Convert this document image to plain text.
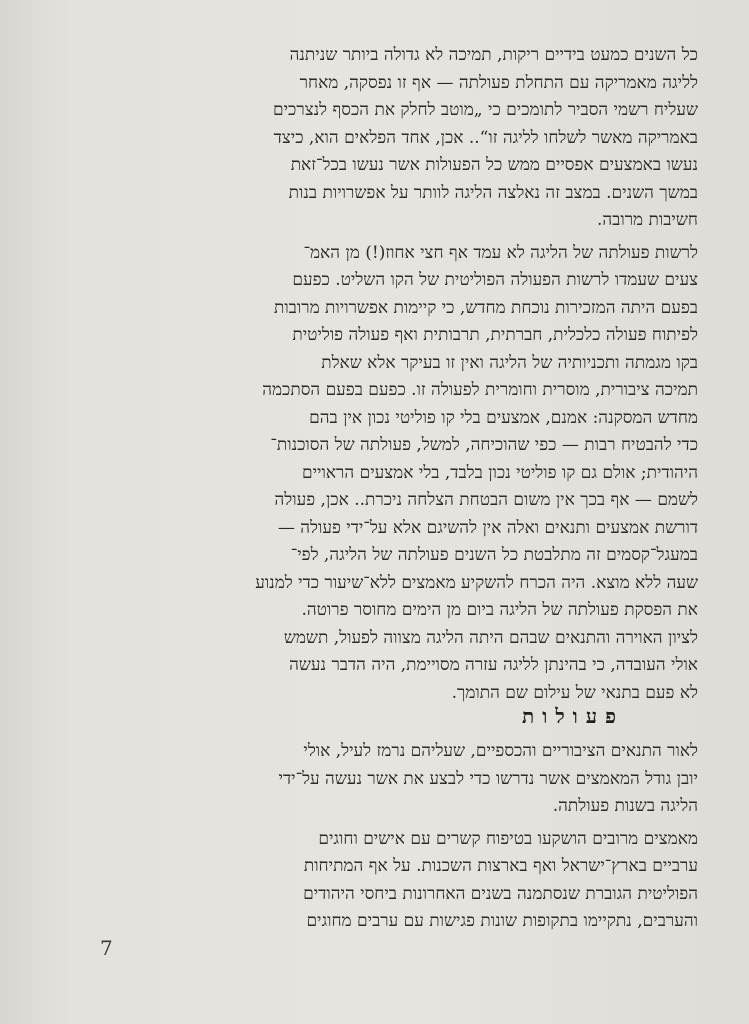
כל השנים כמעט בידיים ריקות, תמיכה לא גדולה ביותר שניתנה
לליגה מאמריקה עם התחלת פעולתה — אף זו נפסקה, מאחר
שעליח רשמי הסביר לתומכים כי „מוטב לחלק את הכסף לנצרכים
באמריקה מאשר לשלחו לליגה זו“.. אכן, אחד הפלאים הוא, כיצד
נעשו באמצעים אפסיים ממש כל הפעולות אשר נעשו בכל־זאת
במשך השנים. במצב זה נאלצה הליגה לוותר על אפשרויות בנות
חשיבות מרובה.
לרשות פעולתה של הליגה לא עמד אף חצי אחוז(!) מן האמ־
צעים שעמדו לרשות הפעולה הפוליטית של הקו השליט. כפעם
בפעם היתה המזכירות נוכחת מחדש, כי קיימות אפשרויות מרובות
לפיתוח פעולה כלכלית, חברתית, תרבותית ואף פעולה פוליטית
בקו מגמתה ותכניותיה של הליגה ואין זו בעיקר אלא שאלת
תמיכה ציבורית, מוסרית וחומרית לפעולה זו. כפעם בפעם הסתכמה
מחדש המסקנה: אמנם, אמצעים בלי קו פוליטי נכון אין בהם
כדי להבטיח רבות — כפי שהוכיחה, למשל, פעולתה של הסוכנות־
היהודית; אולם גם קו פוליטי נכון בלבד, בלי אמצעים הראויים
לשמם — אף בכך אין משום הבטחת הצלחה ניכרת.. אכן, פעולה
דורשת אמצעים ותנאים ואלה אין להשיגם אלא על־ידי פעולה —
במעגל־קסמים זה מתלבטת כל השנים פעולתה של הליגה, לפי־
שעה ללא מוצא. היה הכרח להשקיע מאמצים ללא־שיעור כדי למנוע
את הפסקת פעולתה של הליגה ביום מן הימים מחוסר פרוטה.
לציון האוירה והתנאים שבהם היתה הליגה מצווה לפעול, תשמש
אולי העובדה, כי בהינתן לליגה עזרה מסויימת, היה הדבר נעשה
לא פעם בתנאי של עילום שם התומך.
פעולות
לאור התנאים הציבוריים והכספיים, שעליהם נרמז לעיל, אולי
יובן גודל המאמצים אשר נדרשו כדי לבצע את אשר נעשה על־ידי
הליגה בשנות פעולתה.
מאמצים מרובים הושקעו בטיפוח קשרים עם אישים וחוגים
ערביים בארץ־ישראל ואף בארצות השכנות. על אף המתיחות
הפוליטית הגוברת שנסתמנה בשנים האחרונות ביחסי היהודים
והערבים, נתקיימו בתקופות שונות פגישות עם ערבים מחוגים
7
